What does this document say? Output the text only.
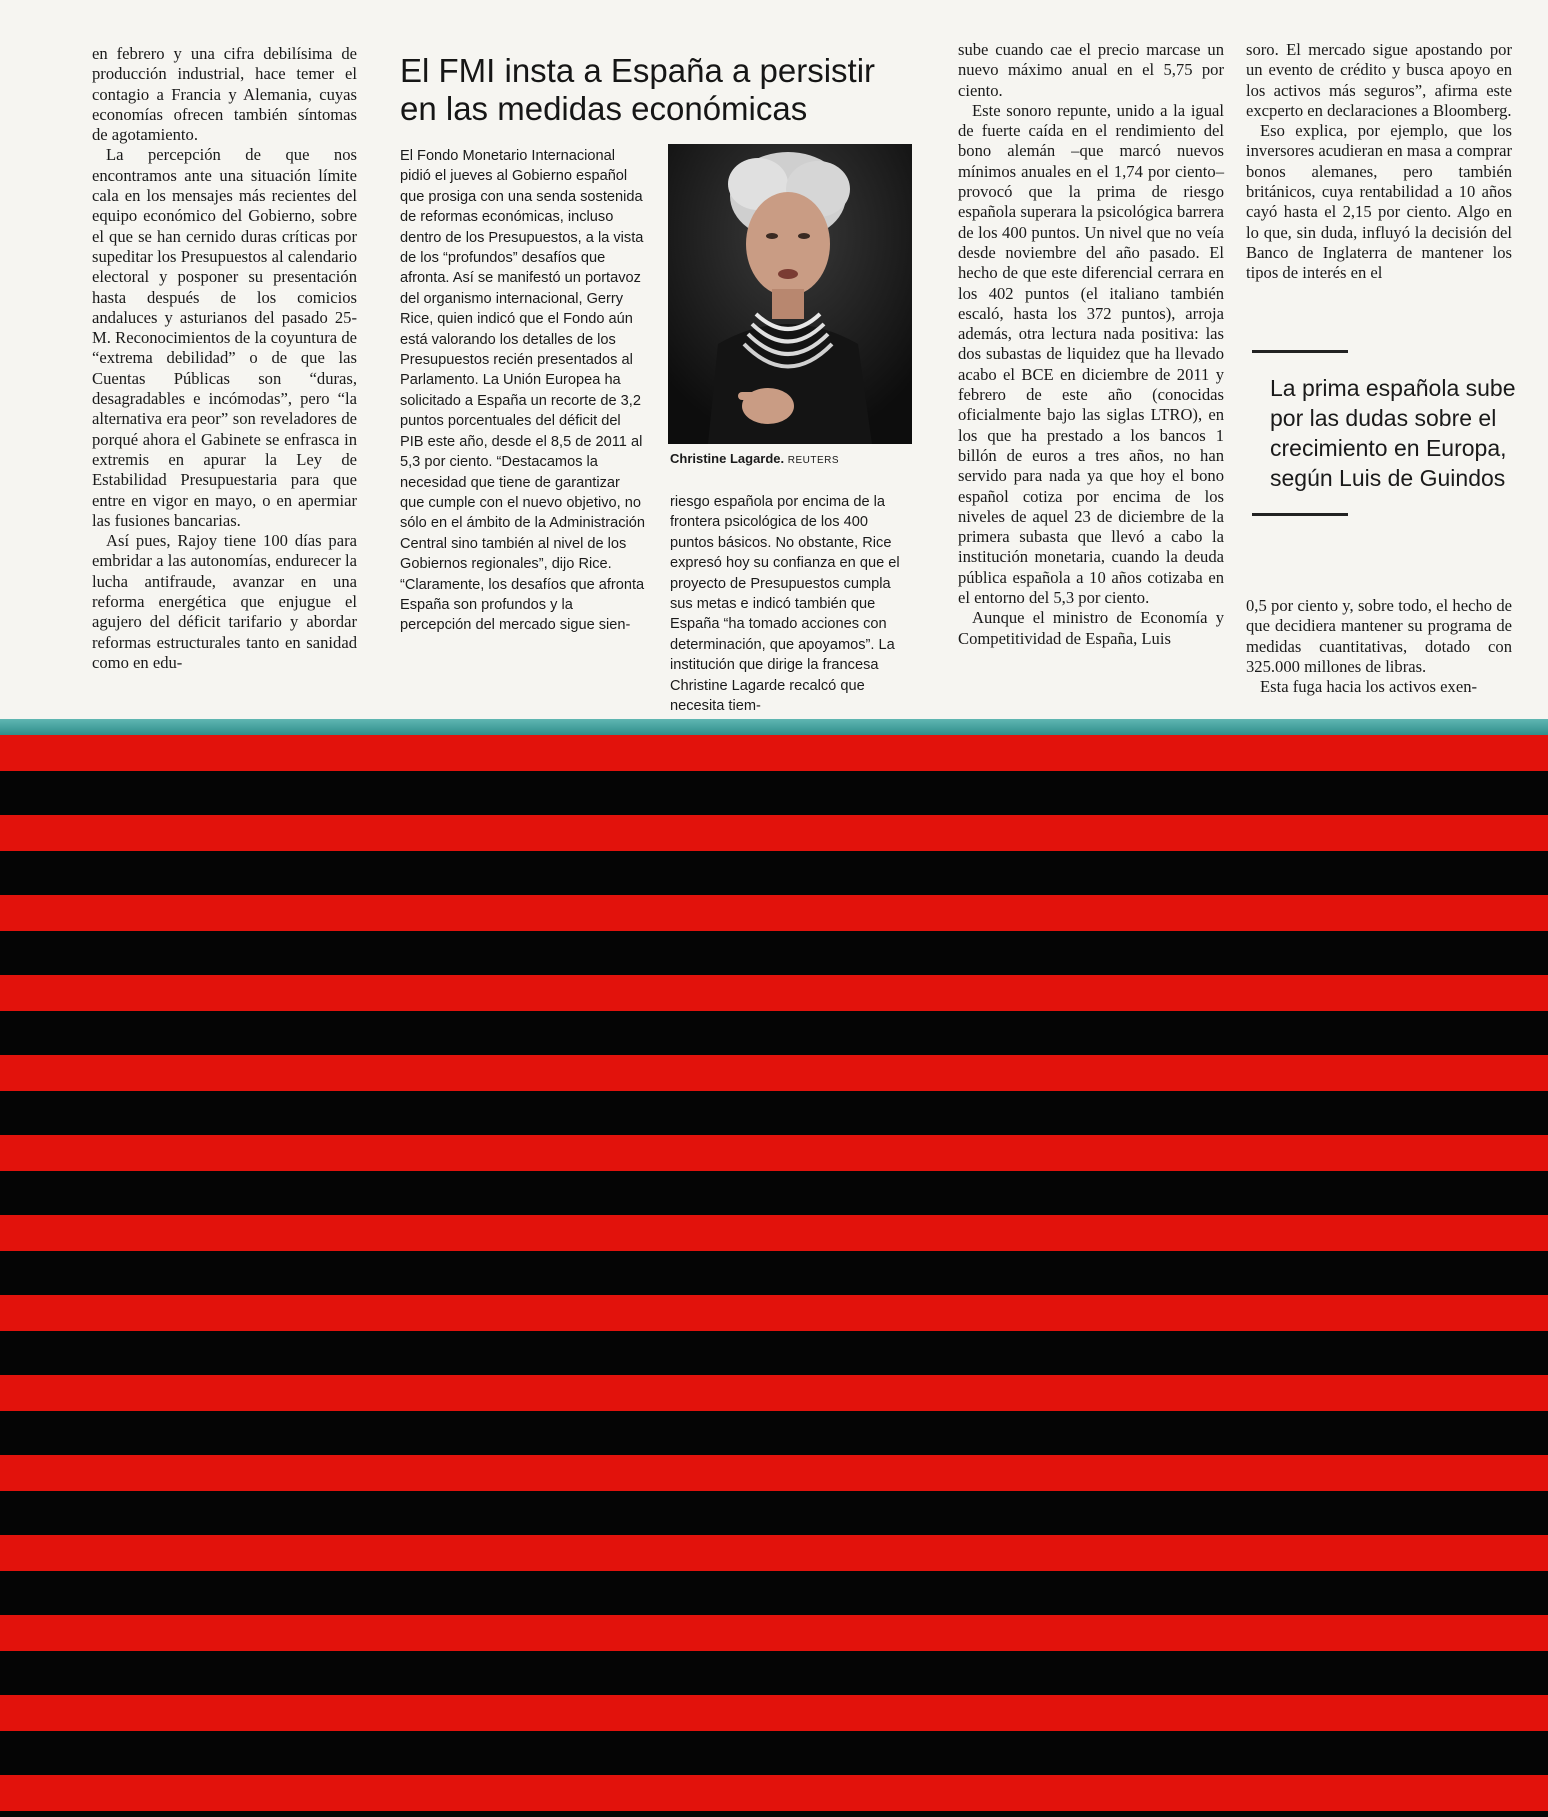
en febrero y una cifra debilísima de producción industrial, hace temer el contagio a Francia y Alemania, cuyas economías ofrecen también síntomas de agotamiento.

La percepción de que nos encontramos ante una situación límite cala en los mensajes más recientes del equipo económico del Gobierno, sobre el que se han cernido duras críticas por supeditar los Presupuestos al calendario electoral y posponer su presentación hasta después de los comicios andaluces y asturianos del pasado 25-M. Reconocimientos de la coyuntura de “extrema debilidad” o de que las Cuentas Públicas son “duras, desagradables e incómodas”, pero “la alternativa era peor” son reveladores de porqué ahora el Gabinete se enfrasca in extremis en apurar la Ley de Estabilidad Presupuestaria para que entre en vigor en mayo, o en apermiar las fusiones bancarias.

Así pues, Rajoy tiene 100 días para embridar a las autonomías, endurecer la lucha antifraude, avanzar en una reforma energética que enjugue el agujero del déficit tarifario y abordar reformas estructurales tanto en sanidad como en edu-

El FMI insta a España a persistir en las medidas económicas

El Fondo Monetario Internacional pidió el jueves al Gobierno español que prosiga con una senda sostenida de reformas económicas, incluso dentro de los Presupuestos, a la vista de los “profundos” desafíos que afronta. Así se manifestó un portavoz del organismo internacional, Gerry Rice, quien indicó que el Fondo aún está valorando los detalles de los Presupuestos recién presentados al Parlamento. La Unión Europea ha solicitado a España un recorte de 3,2 puntos porcentuales del déficit del PIB este año, desde el 8,5 de 2011 al 5,3 por ciento. “Destacamos la necesidad que tiene de garantizar que cumple con el nuevo objetivo, no sólo en el ámbito de la Administración Central sino también al nivel de los Gobiernos regionales”, dijo Rice. “Claramente, los desafíos que afronta España son profundos y la percepción del mercado sigue sien-

Christine Lagarde. REUTERS

riesgo española por encima de la frontera psicológica de los 400 puntos básicos. No obstante, Rice expresó hoy su confianza en que el proyecto de Presupuestos cumpla sus metas e indicó también que España “ha tomado acciones con determinación, que apoyamos”. La institución que dirige la francesa Christine Lagarde recalcó que necesita tiem-

sube cuando cae el precio marcase un nuevo máximo anual en el 5,75 por ciento.

Este sonoro repunte, unido a la igual de fuerte caída en el rendimiento del bono alemán –que marcó nuevos mínimos anuales en el 1,74 por ciento– provocó que la prima de riesgo española superara la psicológica barrera de los 400 puntos. Un nivel que no veía desde noviembre del año pasado. El hecho de que este diferencial cerrara en los 402 puntos (el italiano también escaló, hasta los 372 puntos), arroja además, otra lectura nada positiva: las dos subastas de liquidez que ha llevado acabo el BCE en diciembre de 2011 y febrero de este año (conocidas oficialmente bajo las siglas LTRO), en los que ha prestado a los bancos 1 billón de euros a tres años, no han servido para nada ya que hoy el bono español cotiza por encima de los niveles de aquel 23 de diciembre de la primera subasta que llevó a cabo la institución monetaria, cuando la deuda pública española a 10 años cotizaba en el entorno del 5,3 por ciento.

Aunque el ministro de Economía y Competitividad de España, Luis

soro. El mercado sigue apostando por un evento de crédito y busca apoyo en los activos más seguros”, afirma este excperto en declaraciones a Bloomberg.

Eso explica, por ejemplo, que los inversores acudieran en masa a comprar bonos alemanes, pero también británicos, cuya rentabilidad a 10 años cayó hasta el 2,15 por ciento. Algo en lo que, sin duda, influyó la decisión del Banco de Inglaterra de mantener los tipos de interés en el

La prima española sube por las dudas sobre el crecimiento en Europa, según Luis de Guindos

0,5 por ciento y, sobre todo, el hecho de que decidiera mantener su programa de medidas cuantitativas, dotado con 325.000 millones de libras.

Esta fuga hacia los activos exen-
